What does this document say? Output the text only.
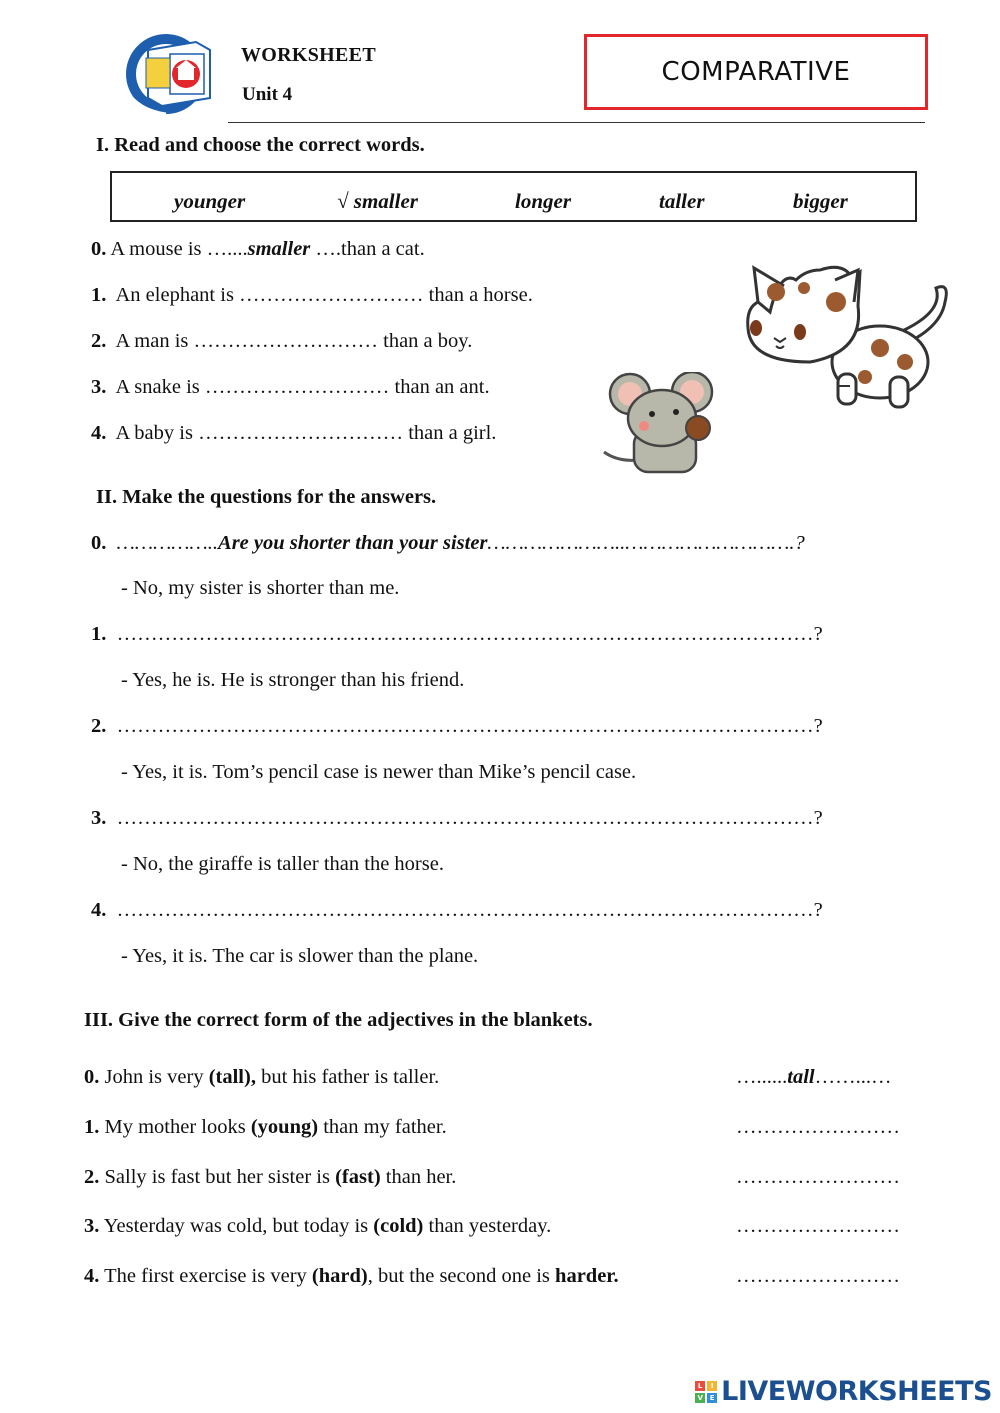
WORKSHEET
Unit 4
COMPARATIVE
I. Read and choose the correct words.
younger	√ smaller	longer	taller	bigger
0. A mouse is …....smaller ….than a cat.
1. An elephant is ……………………… than a horse.
2. A man is ……………………… than a boy.
3. A snake is ……………………… than an ant.
4. A baby is ………………………… than a girl.
II. Make the questions for the answers.
0. ……………..Are you shorter than your sister…………………..……………………….?
- No, my sister is shorter than me.
1. …………………………………………………………………………………………?
- Yes, he is. He is stronger than his friend.
2. …………………………………………………………………………………………?
- Yes, it is. Tom’s pencil case is newer than Mike’s pencil case.
3. …………………………………………………………………………………………?
- No, the giraffe is taller than the horse.
4. …………………………………………………………………………………………?
- Yes, it is. The car is slower than the plane.
III. Give the correct form of the adjectives in the blankets.
0. John is very (tall), but his father is taller.	…......tall……...…
1. My mother looks (young) than my father.	……………………
2. Sally is fast but her sister is (fast) than her.	……………………
3. Yesterday was cold, but today is (cold) than yesterday.	……………………
4. The first exercise is very (hard), but the second one is harder.	……………………
L	I
V E LIVEWORKSHEETS
